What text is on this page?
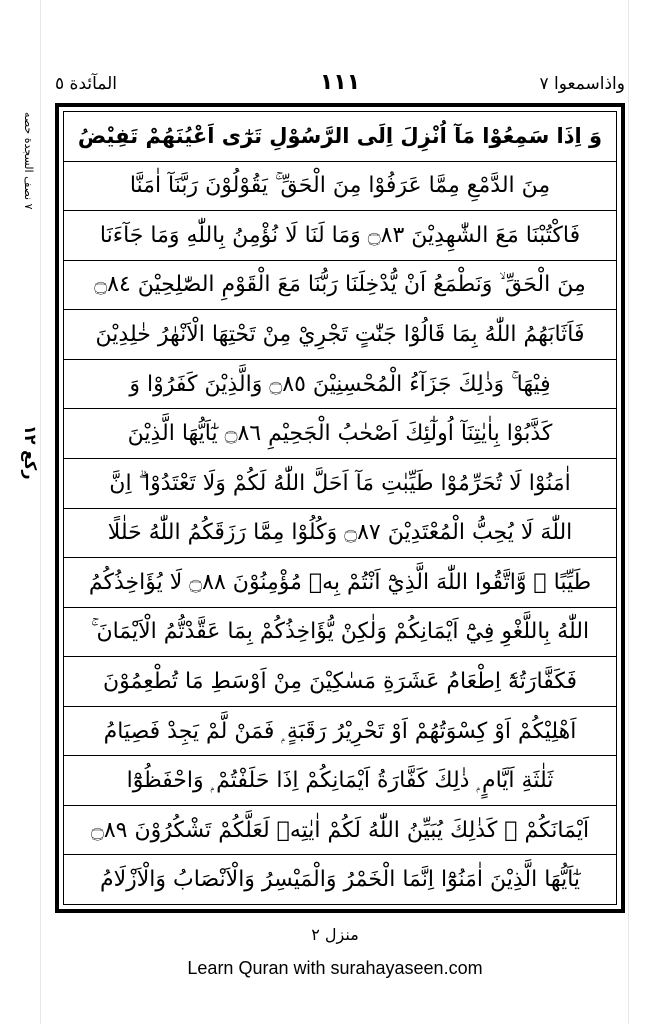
واذاسمعوا ٧
١١١
المآئدة ٥
٧ نصف السجدة حصه
ركع ١٢
وَ اِذَا سَمِعُوْا مَآ اُنْزِلَ اِلَى الرَّسُوْلِ تَرٰٓى اَعْيُنَهُمْ تَفِيْضُ
مِنَ الدَّمْعِ مِمَّا عَرَفُوْا مِنَ الْحَقِّ ۚ يَقُوْلُوْنَ رَبَّنَآ اٰمَنَّا
فَاكْتُبْنَا مَعَ الشّٰهِدِيْنَ ۝٨٣ وَمَا لَنَا لَا نُؤْمِنُ بِاللّٰهِ وَمَا جَآءَنَا
مِنَ الْحَقِّ ۙ وَنَطْمَعُ اَنْ يُّدْخِلَنَا رَبُّنَا مَعَ الْقَوْمِ الصّٰلِحِيْنَ ۝٨٤
فَاَثَابَهُمُ اللّٰهُ بِمَا قَالُوْا جَنّٰتٍ تَجْرِيْ مِنْ تَحْتِهَا الْاَنْهٰرُ خٰلِدِيْنَ
فِيْهَا ۚ وَذٰلِكَ جَزَآءُ الْمُحْسِنِيْنَ ۝٨٥ وَالَّذِيْنَ كَفَرُوْا وَ
كَذَّبُوْا بِاٰيٰتِنَآ اُولٰٓئِكَ اَصْحٰبُ الْجَحِيْمِ ۝٨٦ يٰٓاَيُّهَا الَّذِيْنَ
اٰمَنُوْا لَا تُحَرِّمُوْا طَيِّبٰتِ مَآ اَحَلَّ اللّٰهُ لَكُمْ وَلَا تَعْتَدُوْا ۗ اِنَّ
اللّٰهَ لَا يُحِبُّ الْمُعْتَدِيْنَ ۝٨٧ وَكُلُوْا مِمَّا رَزَقَكُمُ اللّٰهُ حَلٰلًا
طَيِّبًا ۪ وَّاتَّقُوا اللّٰهَ الَّذِيْٓ اَنْتُمْ بِهٖ مُؤْمِنُوْنَ ۝٨٨ لَا يُؤَاخِذُكُمُ
اللّٰهُ بِاللَّغْوِ فِيْٓ اَيْمَانِكُمْ وَلٰكِنْ يُّؤَاخِذُكُمْ بِمَا عَقَّدْتُّمُ الْاَيْمَانَ ۚ
فَكَفَّارَتُهٗٓ اِطْعَامُ عَشَرَةِ مَسٰكِيْنَ مِنْ اَوْسَطِ مَا تُطْعِمُوْنَ
اَهْلِيْكُمْ اَوْ كِسْوَتُهُمْ اَوْ تَحْرِيْرُ رَقَبَةٍ ۭ فَمَنْ لَّمْ يَجِدْ فَصِيَامُ
ثَلٰثَةِ اَيَّامٍ ۭ ذٰلِكَ كَفَّارَةُ اَيْمَانِكُمْ اِذَا حَلَفْتُمْ ۭ وَاحْفَظُوْٓا
اَيْمَانَكُمْ ۭ كَذٰلِكَ يُبَيِّنُ اللّٰهُ لَكُمْ اٰيٰتِهٖ لَعَلَّكُمْ تَشْكُرُوْنَ ۝٨٩
يٰٓاَيُّهَا الَّذِيْنَ اٰمَنُوْٓا اِنَّمَا الْخَمْرُ وَالْمَيْسِرُ وَالْاَنْصَابُ وَالْاَزْلَامُ
منزل ٢
Learn Quran with surahayaseen.com
